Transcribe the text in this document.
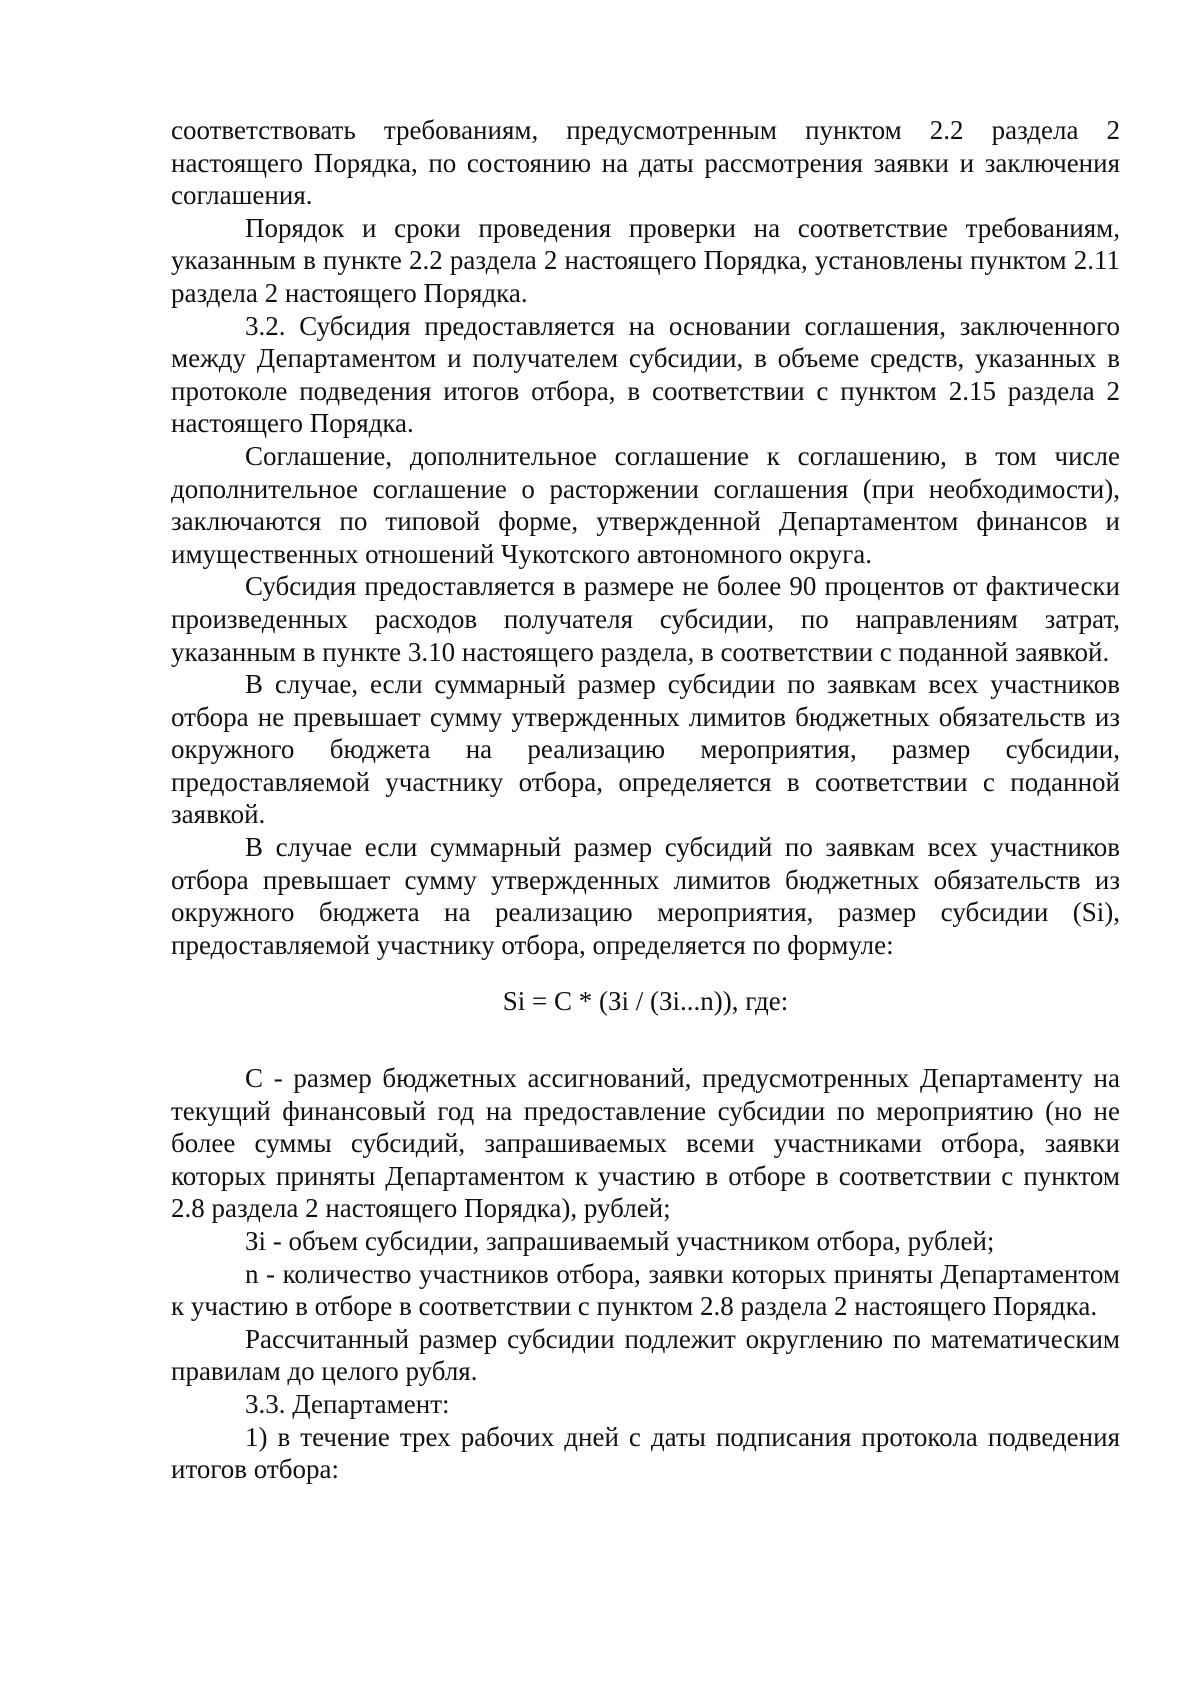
соответствовать требованиям, предусмотренным пунктом 2.2 раздела 2 настоящего Порядка, по состоянию на даты рассмотрения заявки и заключения соглашения.

Порядок и сроки проведения проверки на соответствие требованиям, указанным в пункте 2.2 раздела 2 настоящего Порядка, установлены пунктом 2.11 раздела 2 настоящего Порядка.

3.2. Субсидия предоставляется на основании соглашения, заключенного между Департаментом и получателем субсидии, в объеме средств, указанных в протоколе подведения итогов отбора, в соответствии с пунктом 2.15 раздела 2 настоящего Порядка.

Соглашение, дополнительное соглашение к соглашению, в том числе дополнительное соглашение о расторжении соглашения (при необходимости), заключаются по типовой форме, утвержденной Департаментом финансов и имущественных отношений Чукотского автономного округа.

Субсидия предоставляется в размере не более 90 процентов от фактически произведенных расходов получателя субсидии, по направлениям затрат, указанным в пункте 3.10 настоящего раздела, в соответствии с поданной заявкой.

В случае, если суммарный размер субсидии по заявкам всех участников отбора не превышает сумму утвержденных лимитов бюджетных обязательств из окружного бюджета на реализацию мероприятия, размер субсидии, предоставляемой участнику отбора, определяется в соответствии с поданной заявкой.

В случае если суммарный размер субсидий по заявкам всех участников отбора превышает сумму утвержденных лимитов бюджетных обязательств из окружного бюджета на реализацию мероприятия, размер субсидии (Si), предоставляемой участнику отбора, определяется по формуле:

Si = C * (Зi / (Зi...n)), где:

C - размер бюджетных ассигнований, предусмотренных Департаменту на текущий финансовый год на предоставление субсидии по мероприятию (но не более суммы субсидий, запрашиваемых всеми участниками отбора, заявки которых приняты Департаментом к участию в отборе в соответствии с пунктом 2.8 раздела 2 настоящего Порядка), рублей;

Зi - объем субсидии, запрашиваемый участником отбора, рублей;

n - количество участников отбора, заявки которых приняты Департаментом к участию в отборе в соответствии с пунктом 2.8 раздела 2 настоящего Порядка.

Рассчитанный размер субсидии подлежит округлению по математическим правилам до целого рубля.

3.3. Департамент:

1) в течение трех рабочих дней с даты подписания протокола подведения итогов отбора:
